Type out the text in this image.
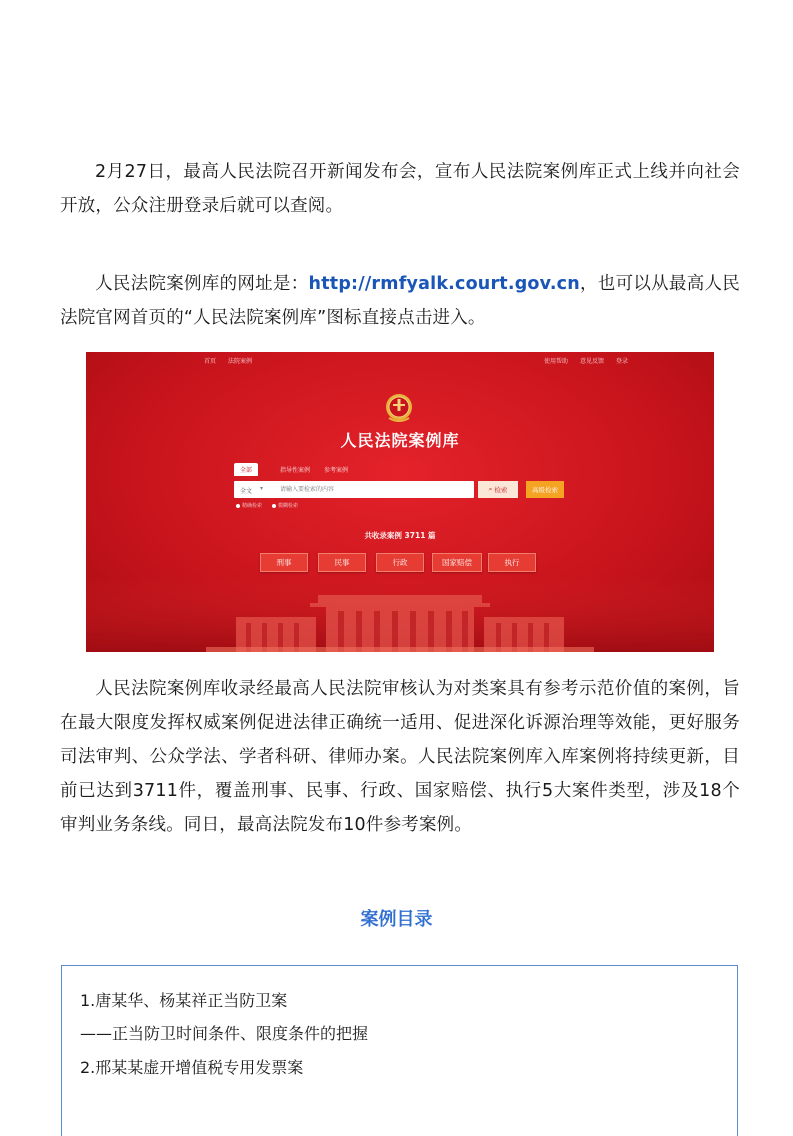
2月27日，最高人民法院召开新闻发布会，宣布人民法院案例库正式上线并向社会开放，公众注册登录后就可以查阅。

人民法院案例库的网址是：http://rmfyalk.court.gov.cn，也可以从最高人民法院官网首页的“人民法院案例库”图标直接点击进入。

首页 法院案例	使用帮助 意见反馈 登录
人民法院案例库
全部	指导性案例 参考案例
全文 ▾
请输入要检索的内容	⌕ 检索	高级检索
精确检索	模糊检索
共收录案例 3711 篇
刑事	民事	行政	国家赔偿	执行

人民法院案例库收录经最高人民法院审核认为对类案具有参考示范价值的案例，旨在最大限度发挥权威案例促进法律正确统一适用、促进深化诉源治理等效能，更好服务司法审判、公众学法、学者科研、律师办案。人民法院案例库入库案例将持续更新，目前已达到3711件，覆盖刑事、民事、行政、国家赔偿、执行5大案件类型，涉及18个审判业务条线。同日，最高法院发布10件参考案例。

案例目录

1.唐某华、杨某祥正当防卫案

——正当防卫时间条件、限度条件的把握

2.邢某某虚开增值税专用发票案
